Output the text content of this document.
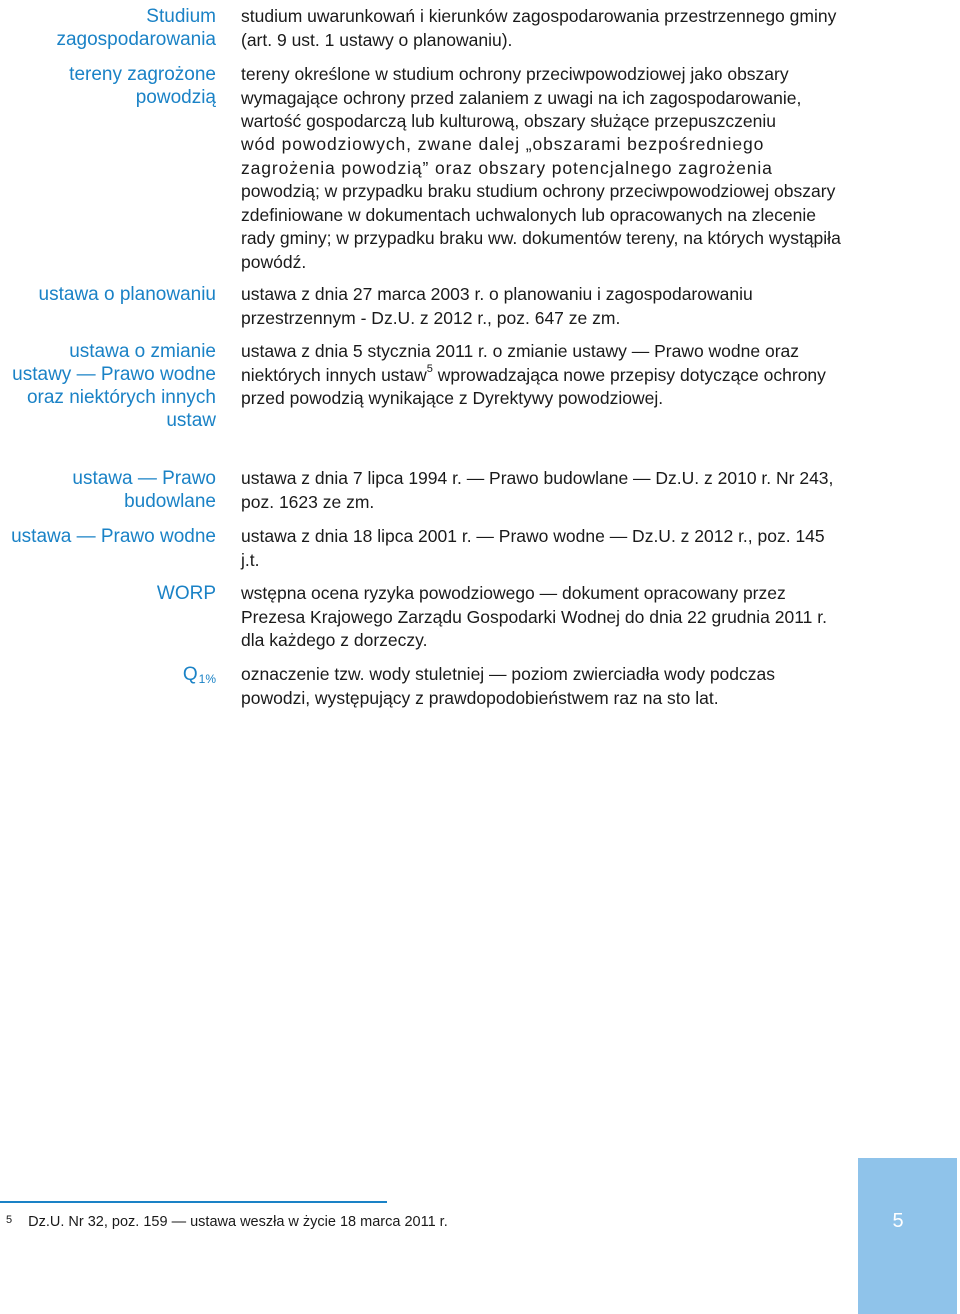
Studium zagospodarowania

studium uwarunkowań i kierunków zagospodarowania przestrzennego gminy (art. 9 ust. 1 ustawy o planowaniu).

tereny zagrożone powodzią

tereny określone w studium ochrony przeciwpowodziowej jako obszary wymagające ochrony przed zalaniem z uwagi na ich zagospodarowanie, wartość gospodarczą lub kulturową, obszary służące przepuszczeniu

wód powodziowych, zwane dalej „obszarami bezpośredniego zagrożenia powodzią” oraz obszary potencjalnego zagrożenia

powodzią; w przypadku braku studium ochrony przeciwpowodziowej obszary zdefiniowane w dokumentach uchwalonych lub opracowanych na zlecenie rady gminy; w przypadku braku ww. dokumentów tereny, na których wystąpiła powódź.

ustawa o planowaniu ustawa z dnia 27 marca 2003 r. o planowaniu i zagospodarowaniu przestrzennym - Dz.U. z 2012 r., poz. 647 ze zm.

ustawa o zmianie ustawy — Prawo wodne oraz niektórych innych ustaw

ustawa z dnia 5 stycznia 2011 r. o zmianie ustawy — Prawo wodne oraz niektórych innych ustaw$^5$ wprowadzająca nowe przepisy dotyczące ochrony przed powodzią wynikające z Dyrektywy powodziowej.

ustawa — Prawo budowlane

ustawa z dnia 7 lipca 1994 r. — Prawo budowlane — Dz.U. z 2010 r. Nr 243, poz. 1623 ze zm.

ustawa — Prawo wodne ustawa z dnia 18 lipca 2001 r. — Prawo wodne — Dz.U. z 2012 r., poz. 145 j.t.

WORP wstępna ocena ryzyka powodziowego — dokument opracowany przez Prezesa Krajowego Zarządu Gospodarki Wodnej do dnia 22 grudnia 2011 r. dla każdego z dorzeczy.

Q1% oznaczenie tzw. wody stuletniej — poziom zwierciadła wody podczas powodzi, występujący z prawdopodobieństwem raz na sto lat.

$^5$ Dz.U. Nr 32, poz. 159 — ustawa weszła w życie 18 marca 2011 r.	5
